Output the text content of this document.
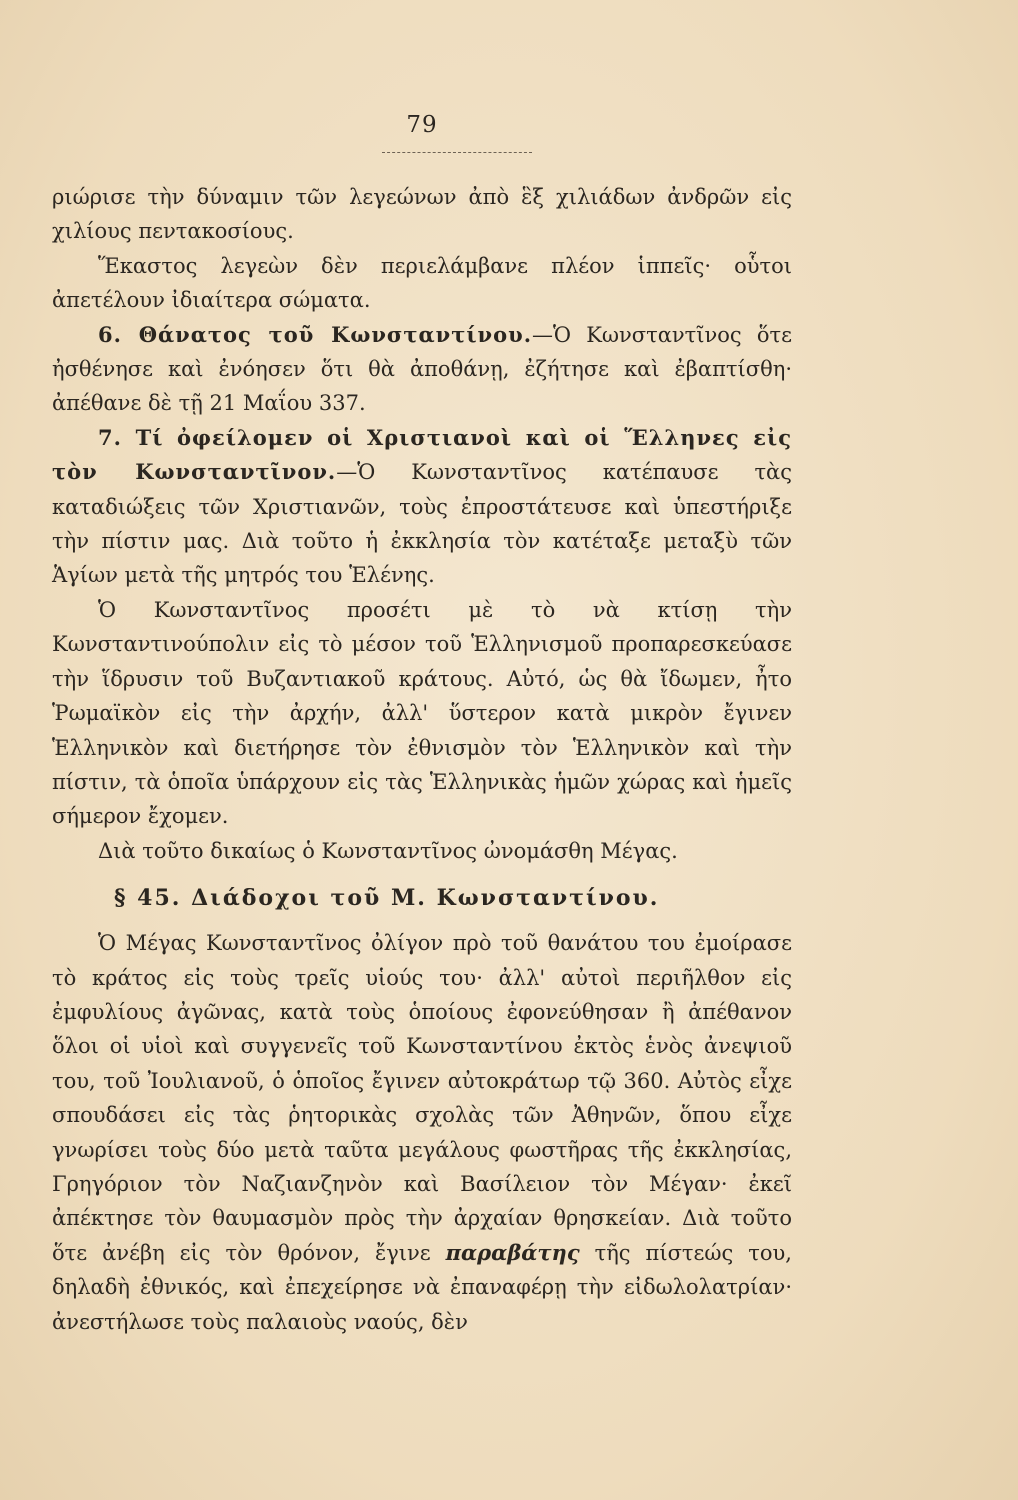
79

ριώρισε τὴν δύναμιν τῶν λεγεώνων ἀπὸ ἓξ χιλιάδων ἀνδρῶν εἰς χιλίους πεντακοσίους.

Ἕκαστος λεγεὼν δὲν περιελάμβανε πλέον ἱππεῖς· οὗτοι ἀπετέλουν ἰδιαίτερα σώματα.

6. Θάνατος τοῦ Κωνσταντίνου.—Ὁ Κωνσταντῖνος ὅτε ἠσθένησε καὶ ἐνόησεν ὅτι θὰ ἀποθάνῃ, ἐζήτησε καὶ ἐβαπτίσθη· ἀπέθανε δὲ τῇ 21 Μαΐου 337.

7. Τί ὀφείλομεν οἱ Χριστιανοὶ καὶ οἱ Ἕλληνες εἰς τὸν Κωνσταντῖνον.—Ὁ Κωνσταντῖνος κατέπαυσε τὰς καταδιώξεις τῶν Χριστιανῶν, τοὺς ἐπροστάτευσε καὶ ὑπεστήριξε τὴν πίστιν μας. Διὰ τοῦτο ἡ ἐκκλησία τὸν κατέταξε μεταξὺ τῶν Ἁγίων μετὰ τῆς μητρός του Ἑλένης.

Ὁ Κωνσταντῖνος προσέτι μὲ τὸ νὰ κτίσῃ τὴν Κωνσταντινούπολιν εἰς τὸ μέσον τοῦ Ἑλληνισμοῦ προπαρεσκεύασε τὴν ἵδρυσιν τοῦ Βυζαντιακοῦ κράτους. Αὐτό, ὡς θὰ ἴδωμεν, ἦτο Ῥωμαϊκὸν εἰς τὴν ἀρχήν, ἀλλ' ὕστερον κατὰ μικρὸν ἔγινεν Ἑλληνικὸν καὶ διετήρησε τὸν ἐθνισμὸν τὸν Ἑλληνικὸν καὶ τὴν πίστιν, τὰ ὁποῖα ὑπάρχουν εἰς τὰς Ἑλληνικὰς ἡμῶν χώρας καὶ ἡμεῖς σήμερον ἔχομεν.

Διὰ τοῦτο δικαίως ὁ Κωνσταντῖνος ὠνομάσθη Μέγας.

§ 45. Διάδοχοι τοῦ Μ. Κωνσταντίνου.

Ὁ Μέγας Κωνσταντῖνος ὀλίγον πρὸ τοῦ θανάτου του ἐμοίρασε τὸ κράτος εἰς τοὺς τρεῖς υἱούς του· ἀλλ' αὐτοὶ περιῆλθον εἰς ἐμφυλίους ἀγῶνας, κατὰ τοὺς ὁποίους ἐφονεύθησαν ἢ ἀπέθανον ὅλοι οἱ υἱοὶ καὶ συγγενεῖς τοῦ Κωνσταντίνου ἐκτὸς ἑνὸς ἀνεψιοῦ του, τοῦ Ἰουλιανοῦ, ὁ ὁποῖος ἔγινεν αὐτοκράτωρ τῷ 360. Αὐτὸς εἶχε σπουδάσει εἰς τὰς ῥητορικὰς σχολὰς τῶν Ἀθηνῶν, ὅπου εἶχε γνωρίσει τοὺς δύο μετὰ ταῦτα μεγάλους φωστῆρας τῆς ἐκκλησίας, Γρηγόριον τὸν Ναζιανζηνὸν καὶ Βασίλειον τὸν Μέγαν· ἐκεῖ ἀπέκτησε τὸν θαυμασμὸν πρὸς τὴν ἀρχαίαν θρησκείαν. Διὰ τοῦτο ὅτε ἀνέβη εἰς τὸν θρόνον, ἔγινε παραβάτης τῆς πίστεώς του, δηλαδὴ ἐθνικός, καὶ ἐπεχείρησε νὰ ἐπαναφέρῃ τὴν εἰδωλολατρίαν· ἀνεστήλωσε τοὺς παλαιοὺς ναούς, δὲν
